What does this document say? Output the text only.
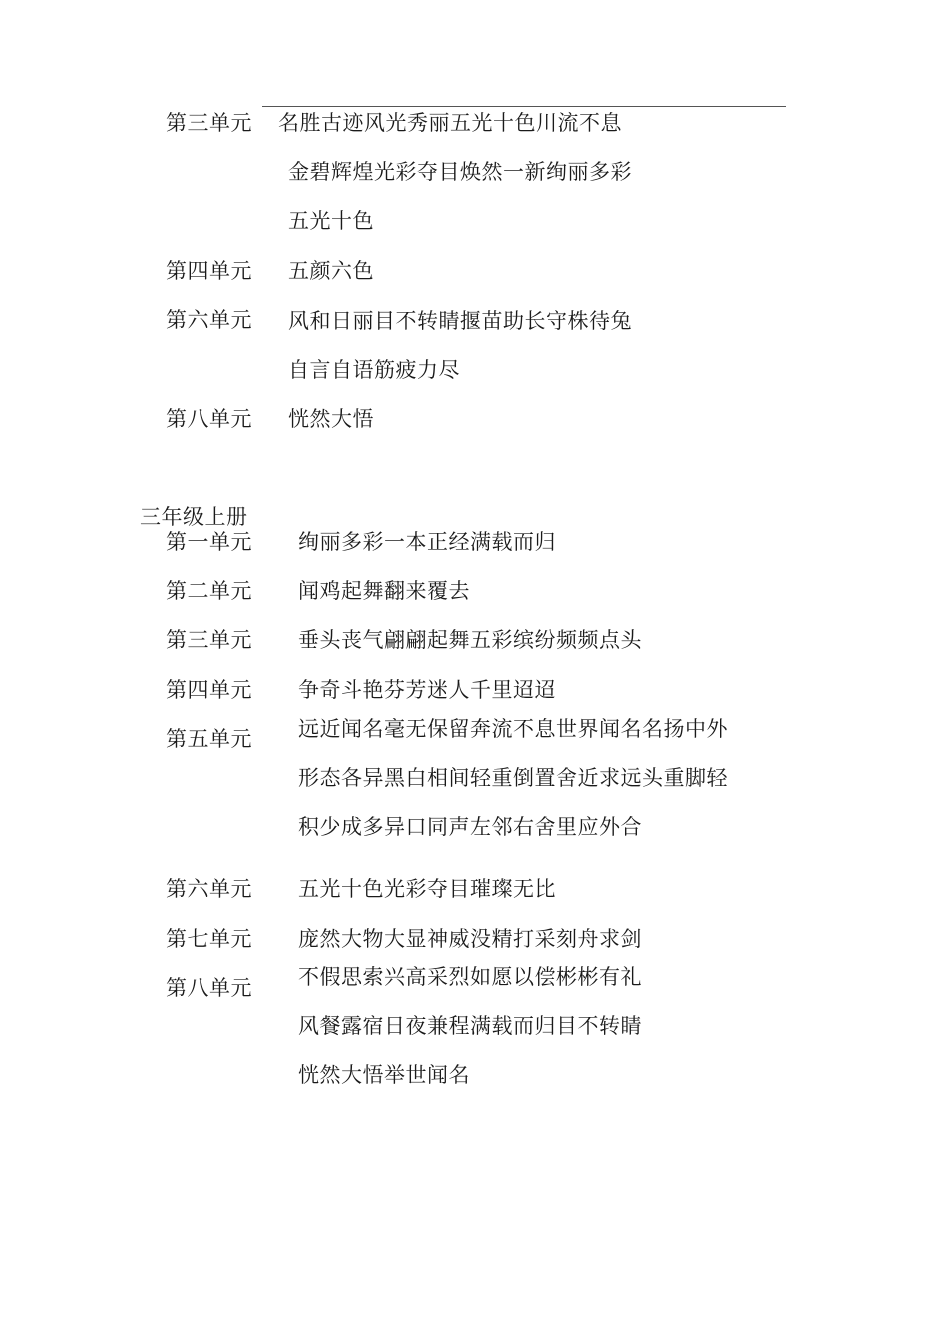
第三单元 名胜古迹风光秀丽五光十色川流不息
金碧辉煌光彩夺目焕然一新绚丽多彩
五光十色
第四单元 五颜六色
第六单元 风和日丽目不转睛揠苗助长守株待兔
自言自语筋疲力尽
第八单元 恍然大悟
三年级上册
第一单元 绚丽多彩一本正经满载而归
第二单元 闻鸡起舞翻来覆去
第三单元 垂头丧气翩翩起舞五彩缤纷频频点头
第四单元 争奇斗艳芬芳迷人千里迢迢
第五单元 远近闻名毫无保留奔流不息世界闻名名扬中外
形态各异黑白相间轻重倒置舍近求远头重脚轻
积少成多异口同声左邻右舍里应外合
第六单元 五光十色光彩夺目璀璨无比
第七单元 庞然大物大显神威没精打采刻舟求剑
第八单元 不假思索兴高采烈如愿以偿彬彬有礼
风餐露宿日夜兼程满载而归目不转睛
恍然大悟举世闻名
